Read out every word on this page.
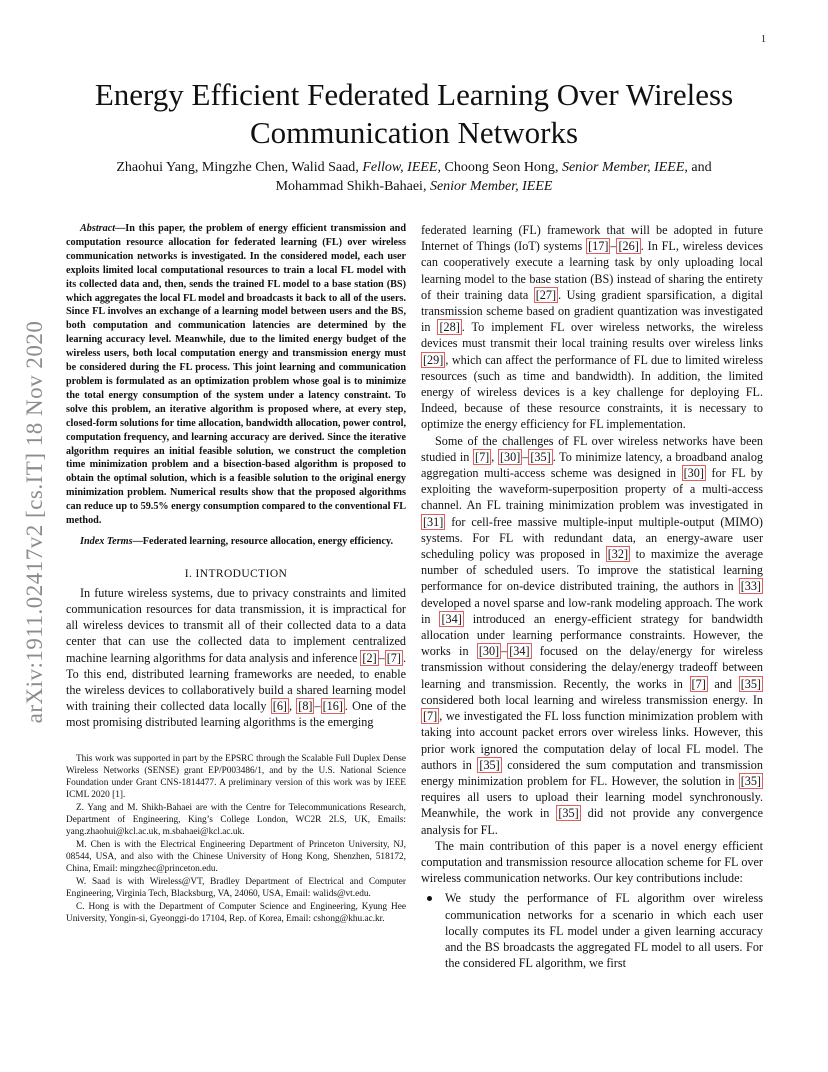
1
Energy Efficient Federated Learning Over Wireless Communication Networks
Zhaohui Yang, Mingzhe Chen, Walid Saad, Fellow, IEEE, Choong Seon Hong, Senior Member, IEEE, and
Mohammad Shikh-Bahaei, Senior Member, IEEE
arXiv:1911.02417v2 [cs.IT] 18 Nov 2020

Abstract—In this paper, the problem of energy efficient transmission and computation resource allocation for federated learning (FL) over wireless communication networks is investigated. In the considered model, each user exploits limited local computational resources to train a local FL model with its collected data and, then, sends the trained FL model to a base station (BS) which aggregates the local FL model and broadcasts it back to all of the users. Since FL involves an exchange of a learning model between users and the BS, both computation and communication latencies are determined by the learning accuracy level. Meanwhile, due to the limited energy budget of the wireless users, both local computation energy and transmission energy must be considered during the FL process. This joint learning and communication problem is formulated as an optimization problem whose goal is to minimize the total energy consumption of the system under a latency constraint. To solve this problem, an iterative algorithm is proposed where, at every step, closed-form solutions for time allocation, bandwidth allocation, power control, computation frequency, and learning accuracy are derived. Since the iterative algorithm requires an initial feasible solution, we construct the completion time minimization problem and a bisection-based algorithm is proposed to obtain the optimal solution, which is a feasible solution to the original energy minimization problem. Numerical results show that the proposed algorithms can reduce up to 59.5% energy consumption compared to the conventional FL method.

Index Terms—Federated learning, resource allocation, energy efficiency.

I. INTRODUCTION

In future wireless systems, due to privacy constraints and limited communication resources for data transmission, it is impractical for all wireless devices to transmit all of their collected data to a data center that can use the collected data to implement centralized machine learning algorithms for data analysis and inference [2] – [7] . To this end, distributed learning frameworks are needed, to enable the wireless devices to collaboratively build a shared learning model with training their collected data locally [6] , [8] – [16] . One of the most promising distributed learning algorithms is the emerging

This work was supported in part by the EPSRC through the Scalable Full Duplex Dense Wireless Networks (SENSE) grant EP/P003486/1, and by the U.S. National Science Foundation under Grant CNS-1814477. A preliminary version of this work was by IEEE ICML 2020 [1].

Z. Yang and M. Shikh-Bahaei are with the Centre for Telecommunications Research, Department of Engineering, King’s College London, WC2R 2LS, UK, Emails: yang.zhaohui@kcl.ac.uk, m.sbahaei@kcl.ac.uk.

M. Chen is with the Electrical Engineering Department of Princeton University, NJ, 08544, USA, and also with the Chinese University of Hong Kong, Shenzhen, 518172, China, Email: mingzhec@princeton.edu.

W. Saad is with Wireless@VT, Bradley Department of Electrical and Computer Engineering, Virginia Tech, Blacksburg, VA, 24060, USA, Email: walids@vt.edu.

C. Hong is with the Department of Computer Science and Engineering, Kyung Hee University, Yongin-si, Gyeonggi-do 17104, Rep. of Korea, Email: cshong@khu.ac.kr.

federated learning (FL) framework that will be adopted in future Internet of Things (IoT) systems [17] – [26] . In FL, wireless devices can cooperatively execute a learning task by only uploading local learning model to the base station (BS) instead of sharing the entirety of their training data [27] . Using gradient sparsification, a digital transmission scheme based on gradient quantization was investigated in [28] . To implement FL over wireless networks, the wireless devices must transmit their local training results over wireless links [29] , which can affect the performance of FL due to limited wireless resources (such as time and bandwidth). In addition, the limited energy of wireless devices is a key challenge for deploying FL. Indeed, because of these resource constraints, it is necessary to optimize the energy efficiency for FL implementation.

Some of the challenges of FL over wireless networks have been studied in [7] , [30] – [35] . To minimize latency, a broadband analog aggregation multi-access scheme was designed in [30] for FL by exploiting the waveform-superposition property of a multi-access channel. An FL training minimization problem was investigated in [31] for cell-free massive multiple-input multiple-output (MIMO) systems. For FL with redundant data, an energy-aware user scheduling policy was proposed in [32] to maximize the average number of scheduled users. To improve the statistical learning performance for on-device distributed training, the authors in [33] developed a novel sparse and low-rank modeling approach. The work in [34] introduced an energy-efficient strategy for bandwidth allocation under learning performance constraints. However, the works in [30] – [34] focused on the delay/energy for wireless transmission without considering the delay/energy tradeoff between learning and transmission. Recently, the works in [7] and [35] considered both local learning and wireless transmission energy. In [7] , we investigated the FL loss function minimization problem with taking into account packet errors over wireless links. However, this prior work ignored the computation delay of local FL model. The authors in [35] considered the sum computation and transmission energy minimization problem for FL. However, the solution in [35] requires all users to upload their learning model synchronously. Meanwhile, the work in [35] did not provide any convergence analysis for FL.

The main contribution of this paper is a novel energy efficient computation and transmission resource allocation scheme for FL over wireless communication networks. Our key contributions include:

We study the performance of FL algorithm over wireless communication networks for a scenario in which each user locally computes its FL model under a given learning accuracy and the BS broadcasts the aggregated FL model to all users. For the considered FL algorithm, we first
